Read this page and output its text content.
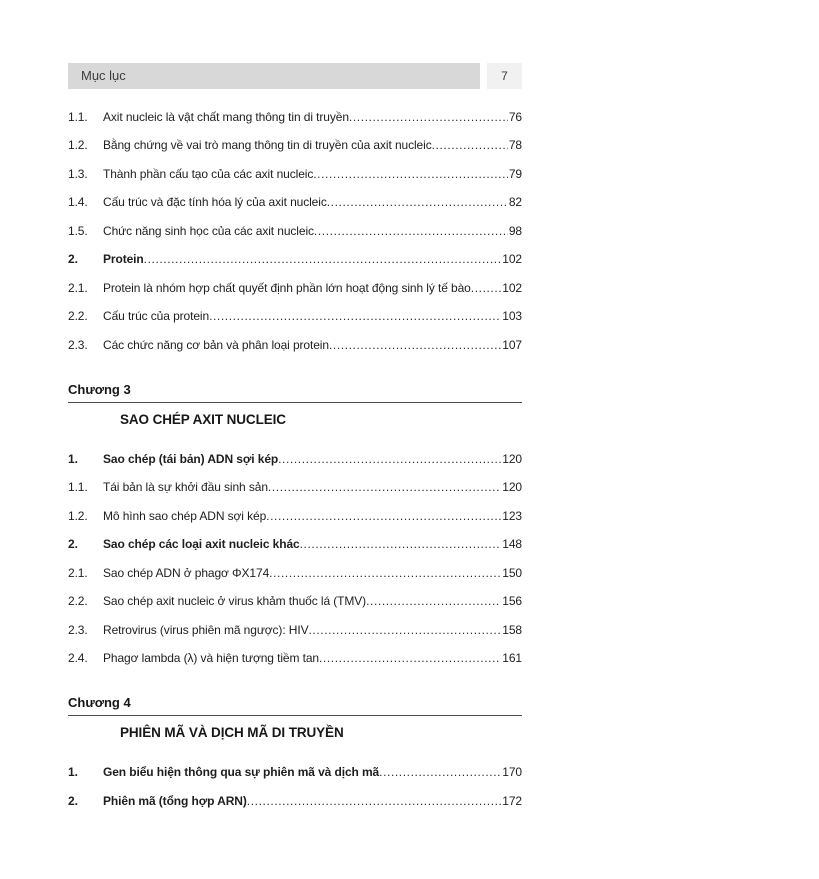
Mục lục	7
1.1.	Axit nucleic là vật chất mang thông tin di truyền .....	76
1.2.	Bằng chứng về vai trò mang thông tin di truyền của axit nucleic .....	78
1.3.	Thành phần cấu tạo của các axit nucleic .....	79
1.4.	Cấu trúc và đặc tính hóa lý của axit nucleic .....	82
1.5.	Chức năng sinh học của các axit nucleic .....	98
2.	Protein .....	102
2.1.	Protein là nhóm hợp chất quyết định phần lớn hoạt động sinh lý tế bào .....	102
2.2.	Cấu trúc của protein .....	103
2.3.	Các chức năng cơ bản và phân loại protein .....	107
Chương 3
SAO CHÉP AXIT NUCLEIC
1.	Sao chép (tái bản) ADN sợi kép .....	120
1.1.	Tái bản là sự khởi đầu sinh sản .....	120
1.2.	Mô hình sao chép ADN sợi kép .....	123
2.	Sao chép các loại axit nucleic khác .....	148
2.1.	Sao chép ADN ở phagơ ΦX174 .....	150
2.2.	Sao chép axit nucleic ở virus khảm thuốc lá (TMV) .....	156
2.3.	Retrovirus (virus phiên mã ngược): HIV .....	158
2.4.	Phagơ lambda (λ) và hiện tượng tiềm tan .....	161
Chương 4
PHIÊN MÃ VÀ DỊCH MÃ DI TRUYỀN
1.	Gen biểu hiện thông qua sự phiên mã và dịch mã .....	170
2.	Phiên mã (tổng hợp ARN) .....	172
